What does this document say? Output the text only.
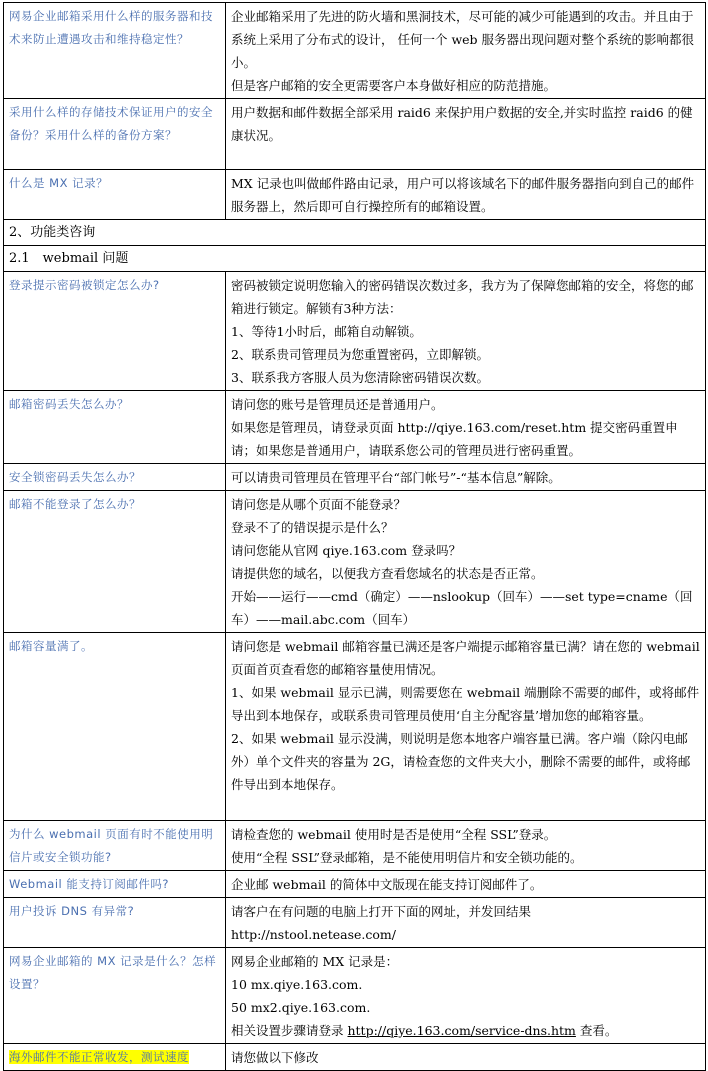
网易企业邮箱采用什么样的服务器和技术来防止遭遇攻击和维持稳定性？	企业邮箱采用了先进的防火墙和黑洞技术，尽可能的减少可能遇到的攻击。并且由于系统上采用了分布式的设计， 任何一个 web 服务器出现问题对整个系统的影响都很小。
但是客户邮箱的安全更需要客户本身做好相应的防范措施。

采用什么样的存储技术保证用户的安全备份？采用什么样的备份方案？	用户数据和邮件数据全部采用 raid6 来保护用户数据的安全,并实时监控 raid6 的健康状况。

什么是 MX 记录？	MX 记录也叫做邮件路由记录，用户可以将该域名下的邮件服务器指向到自己的邮件服务器上，然后即可自行操控所有的邮箱设置。

2、功能类咨询	
2.1　webmail 问题	
登录提示密码被锁定怎么办?	密码被锁定说明您输入的密码错误次数过多，我方为了保障您邮箱的安全，将您的邮箱进行锁定。解锁有3种方法：
1、等待1小时后，邮箱自动解锁。
2、联系贵司管理员为您重置密码，立即解锁。
3、联系我方客服人员为您清除密码错误次数。

邮箱密码丢失怎么办？	请问您的账号是管理员还是普通用户。
如果您是管理员，请登录页面 http://qiye.163.com/reset.htm 提交密码重置申请；如果您是普通用户，请联系您公司的管理员进行密码重置。

安全锁密码丢失怎么办？	可以请贵司管理员在管理平台“部门帐号”-“基本信息”解除。

邮箱不能登录了怎么办？	请问您是从哪个页面不能登录？
登录不了的错误提示是什么？
请问您能从官网 qiye.163.com 登录吗？
请提供您的域名，以便我方查看您域名的状态是否正常。
开始——运行——cmd（确定）——nslookup（回车）——set type=cname（回车）——mail.abc.com（回车）

邮箱容量满了。	请问您是 webmail 邮箱容量已满还是客户端提示邮箱容量已满？请在您的 webmail 页面首页查看您的邮箱容量使用情况。
1、如果 webmail 显示已满，则需要您在 webmail 端删除不需要的邮件，或将邮件导出到本地保存，或联系贵司管理员使用‘自主分配容量’增加您的邮箱容量。
2、如果 webmail 显示没满，则说明是您本地客户端容量已满。客户端（除闪电邮外）单个文件夹的容量为 2G，请检查您的文件夹大小，删除不需要的邮件，或将邮件导出到本地保存。

为什么 webmail 页面有时不能使用明信片或安全锁功能?	请检查您的 webmail 使用时是否是使用“全程 SSL”登录。
使用“全程 SSL”登录邮箱，是不能使用明信片和安全锁功能的。

Webmail 能支持订阅邮件吗?	企业邮 webmail 的简体中文版现在能支持订阅邮件了。

用户投诉 DNS 有异常?	请客户在有问题的电脑上打开下面的网址，并发回结果
http://nstool.netease.com/

网易企业邮箱的 MX 记录是什么？怎样设置？	网易企业邮箱的 MX 记录是：
10 mx.qiye.163.com.
50 mx2.qiye.163.com.
相关设置步骤请登录 http://qiye.163.com/service-dns.htm 查看。

海外邮件不能正常收发，测试速度	请您做以下修改
